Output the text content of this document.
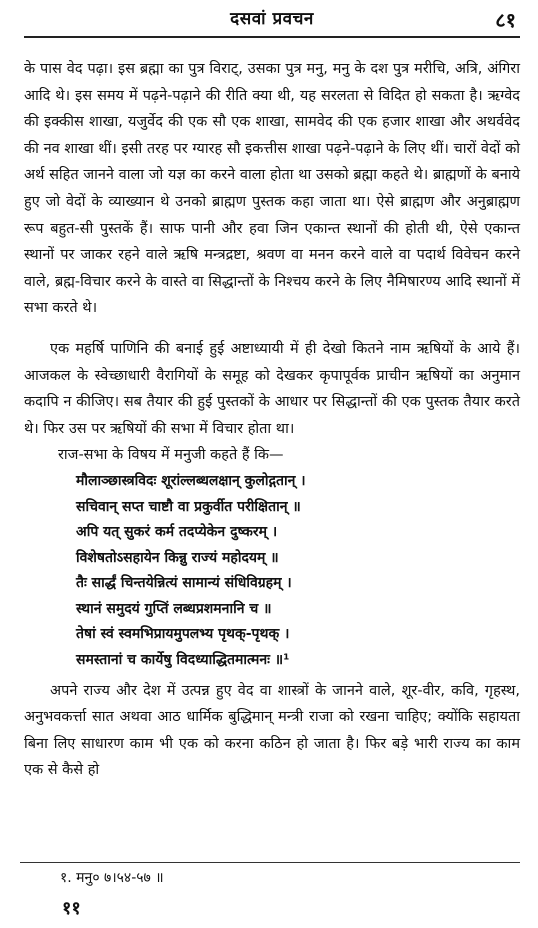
दसवां प्रवचन	८१

के पास वेद पढ़ा। इस ब्रह्मा का पुत्र विराट्, उसका पुत्र मनु, मनु के दश पुत्र मरीचि, अत्रि, अंगिरा आदि थे। इस समय में पढ़ने-पढ़ाने की रीति क्या थी, यह सरलता से विदित हो सकता है। ऋग्वेद की इक्कीस शाखा, यजुर्वेद की एक सौ एक शाखा, सामवेद की एक हजार शाखा और अथर्ववेद की नव शाखा थीं। इसी तरह पर ग्यारह सौ इकत्तीस शाखा पढ़ने-पढ़ाने के लिए थीं। चारों वेदों को अर्थ सहित जानने वाला जो यज्ञ का करने वाला होता था उसको ब्रह्मा कहते थे। ब्राह्मणों के बनाये हुए जो वेदों के व्याख्यान थे उनको ब्राह्मण पुस्तक कहा जाता था। ऐसे ब्राह्मण और अनुब्राह्मण रूप बहुत-सी पुस्तकें हैं। साफ पानी और हवा जिन एकान्त स्थानों की होती थी, ऐसे एकान्त स्थानों पर जाकर रहने वाले ऋषि मन्त्रद्रष्टा, श्रवण वा मनन करने वाले वा पदार्थ विवेचन करने वाले, ब्रह्म-विचार करने के वास्ते वा सिद्धान्तों के निश्चय करने के लिए नैमिषारण्य आदि स्थानों में सभा करते थे।

एक महर्षि पाणिनि की बनाई हुई अष्टाध्यायी में ही देखो कितने नाम ऋषियों के आये हैं। आजकल के स्वेच्छाधारी वैरागियों के समूह को देखकर कृपापूर्वक प्राचीन ऋषियों का अनुमान कदापि न कीजिए। सब तैयार की हुई पुस्तकों के आधार पर सिद्धान्तों की एक पुस्तक तैयार करते थे। फिर उस पर ऋषियों की सभा में विचार होता था।

राज-सभा के विषय में मनुजी कहते हैं कि—

मौलाञ्छास्त्रविदः शूरांल्लब्धलक्षान् कुलोद्गतान् ।
सचिवान् सप्त चाष्टौ वा प्रकुर्वीत परीक्षितान् ॥
अपि यत् सुकरं कर्म तदप्येकेन दुष्करम् ।
विशेषतोऽसहायेन किन्नु राज्यं महोदयम् ॥
तैः सार्द्धं चिन्तयेन्नित्यं सामान्यं संधिविग्रहम् ।
स्थानं समुदयं गुप्तिं लब्धप्रशमनानि च ॥
तेषां स्वं स्वमभिप्रायमुपलभ्य पृथक्-पृथक् ।
समस्तानां च कार्येषु विदध्याद्धितमात्मनः ॥¹

अपने राज्य और देश में उत्पन्न हुए वेद वा शास्त्रों के जानने वाले, शूर-वीर, कवि, गृहस्थ, अनुभवकर्त्ता सात अथवा आठ धार्मिक बुद्धिमान् मन्त्री राजा को रखना चाहिए; क्योंकि सहायता बिना लिए साधारण काम भी एक को करना कठिन हो जाता है। फिर बड़े भारी राज्य का काम एक से कैसे हो

१. मनु० ७।५४-५७ ॥
११
